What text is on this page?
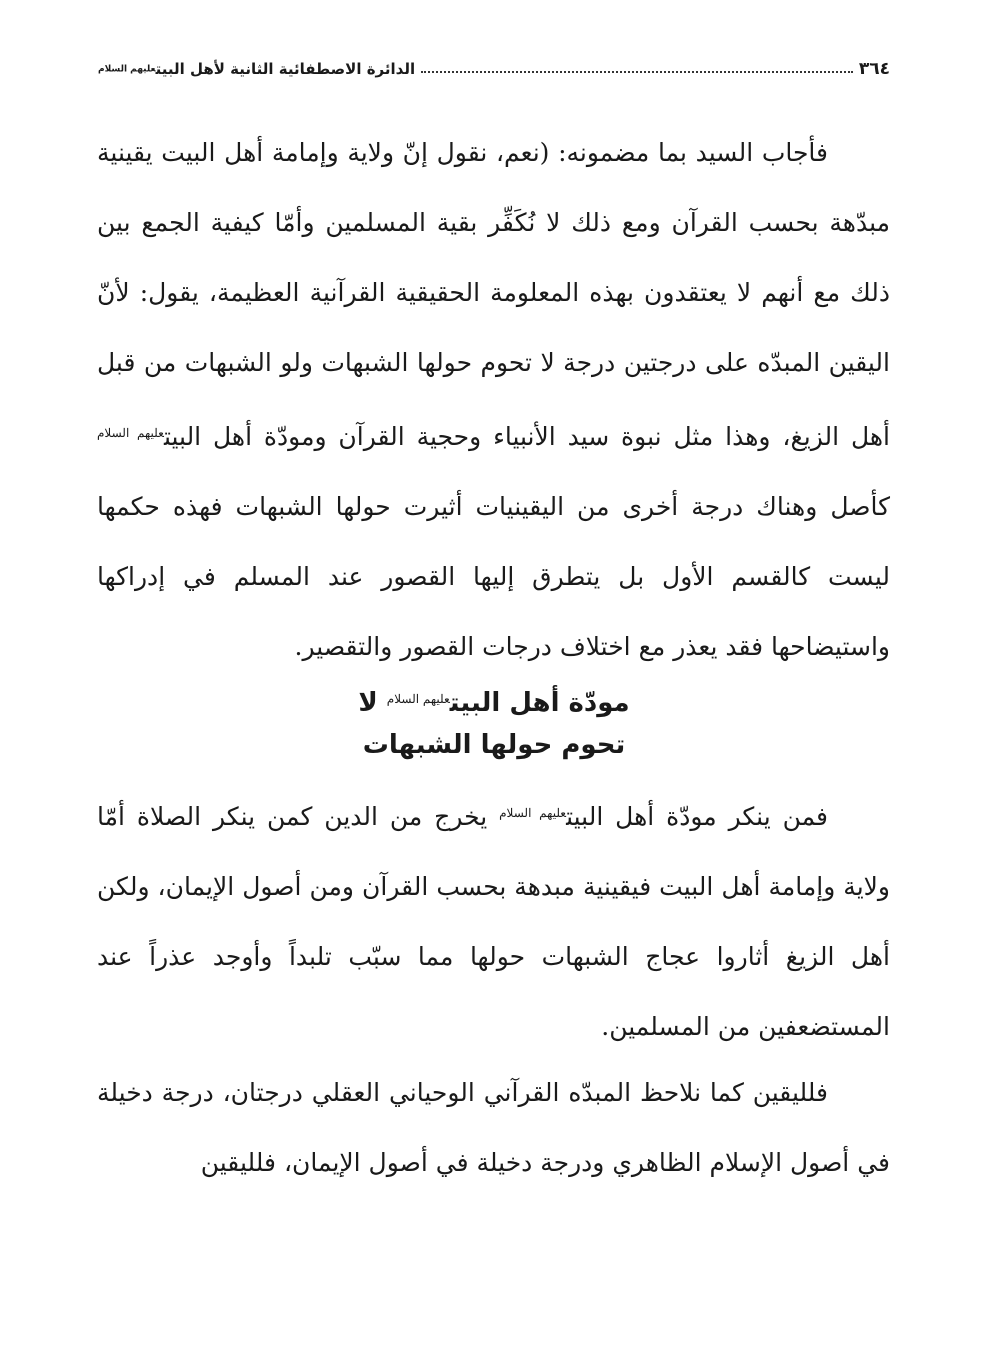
٣٦٤
الدائرة الاصطفائية الثانية لأهل البيتعليهم السلام

فأجاب السيد بما مضمونه: (نعم، نقول إنّ ولاية وإمامة أهل البيت يقينية مبدّهة بحسب القرآن ومع ذلك لا نُكَفِّر بقية المسلمين وأمّا كيفية الجمع بين ذلك مع أنهم لا يعتقدون بهذه المعلومة الحقيقية القرآنية العظيمة، يقول: لأنّ اليقين المبدّه على درجتين درجة لا تحوم حولها الشبهات ولو الشبهات من قبل أهل الزيغ، وهذا مثل نبوة سيد الأنبياء وحجية القرآن ومودّة أهل البيت$^{عليهم السلام}$ كأصل وهناك درجة أخرى من اليقينيات أثيرت حولها الشبهات فهذه حكمها ليست كالقسم الأول بل يتطرق إليها القصور عند المسلم في إدراكها واستيضاحها فقد يعذر مع اختلاف درجات القصور والتقصير.

مودّة أهل البيت$^{عليهم السلام}$ لا
تحوم حولها الشبهات

فمن ينكر مودّة أهل البيت$^{عليهم السلام}$ يخرج من الدين كمن ينكر الصلاة أمّا ولاية وإمامة أهل البيت فيقينية مبدهة بحسب القرآن ومن أصول الإيمان، ولكن أهل الزيغ أثاروا عجاج الشبهات حولها مما سبّب تلبداً وأوجد عذراً عند المستضعفين من المسلمين.

فلليقين كما نلاحظ المبدّه القرآني الوحياني العقلي درجتان، درجة دخيلة في أصول الإسلام الظاهري ودرجة دخيلة في أصول الإيمان، فلليقين
